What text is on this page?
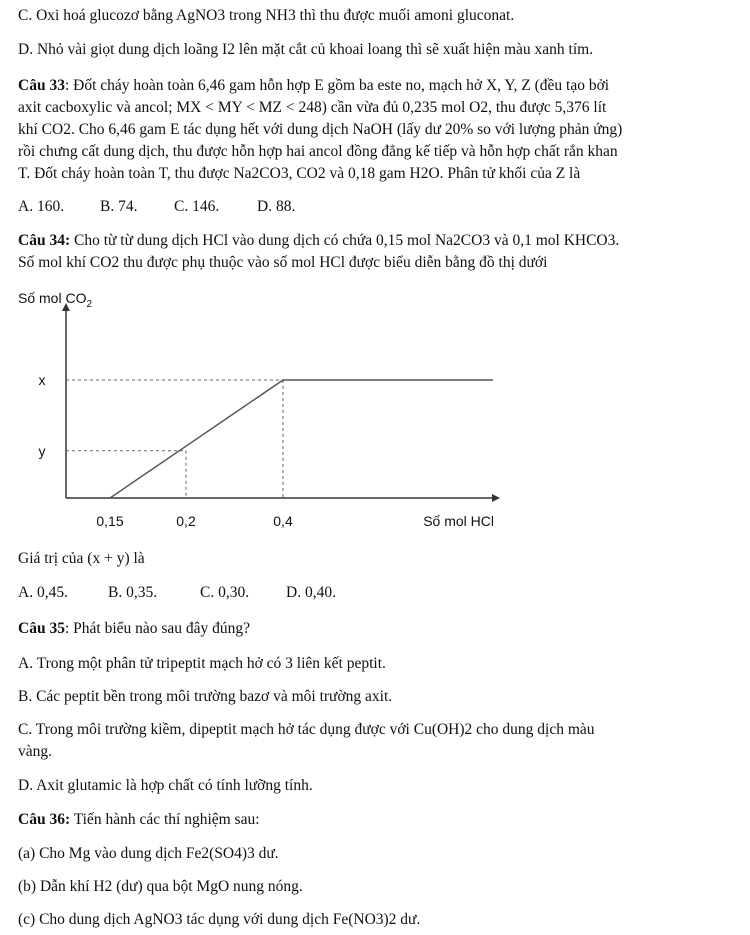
C. Oxi hoá glucozơ bằng AgNO3 trong NH3 thì thu được muối amoni gluconat.

D. Nhỏ vài giọt dung dịch loãng I2 lên mặt cắt củ khoai loang thì sẽ xuất hiện màu xanh tím.

Câu 33: Đốt cháy hoàn toàn 6,46 gam hỗn hợp E gồm ba este no, mạch hở X, Y, Z (đều tạo bởi

axit cacboxylic và ancol; MX < MY < MZ < 248) cần vừa đủ 0,235 mol O2, thu được 5,376 lít

khí CO2. Cho 6,46 gam E tác dụng hết với dung dịch NaOH (lấy dư 20% so với lượng phản ứng)

rồi chưng cất dung dịch, thu được hỗn hợp hai ancol đồng đẳng kế tiếp và hỗn hợp chất rắn khan

T. Đốt cháy hoàn toàn T, thu được Na2CO3, CO2 và 0,18 gam H2O. Phân tử khối của Z là

A. 160. B. 74. C. 146. D. 88.

Câu 34: Cho từ từ dung dịch HCl vào dung dịch có chứa 0,15 mol Na2CO3 và 0,1 mol KHCO3.

Số mol khí CO2 thu được phụ thuộc vào số mol HCl được biểu diễn bằng đồ thị dưới

Số mol $CO_2$
0,15	0,2	0,4
x
y
Số mol HCl

Giá trị của (x + y) là

A. 0,45.	B. 0,35.	C. 0,30. D. 0,40.

Câu 35: Phát biểu nào sau đây đúng?

A. Trong một phân tử tripeptit mạch hở có 3 liên kết peptit.

B. Các peptit bền trong môi trường bazơ và môi trường axit.

C. Trong môi trường kiềm, dipeptit mạch hở tác dụng được với Cu(OH)2 cho dung dịch màu

vàng.

D. Axit glutamic là hợp chất có tính lưỡng tính.

Câu 36: Tiến hành các thí nghiệm sau:

(a) Cho Mg vào dung dịch Fe2(SO4)3 dư.

(b) Dẫn khí H2 (dư) qua bột MgO nung nóng.

(c) Cho dung dịch AgNO3 tác dụng với dung dịch Fe(NO3)2 dư.
